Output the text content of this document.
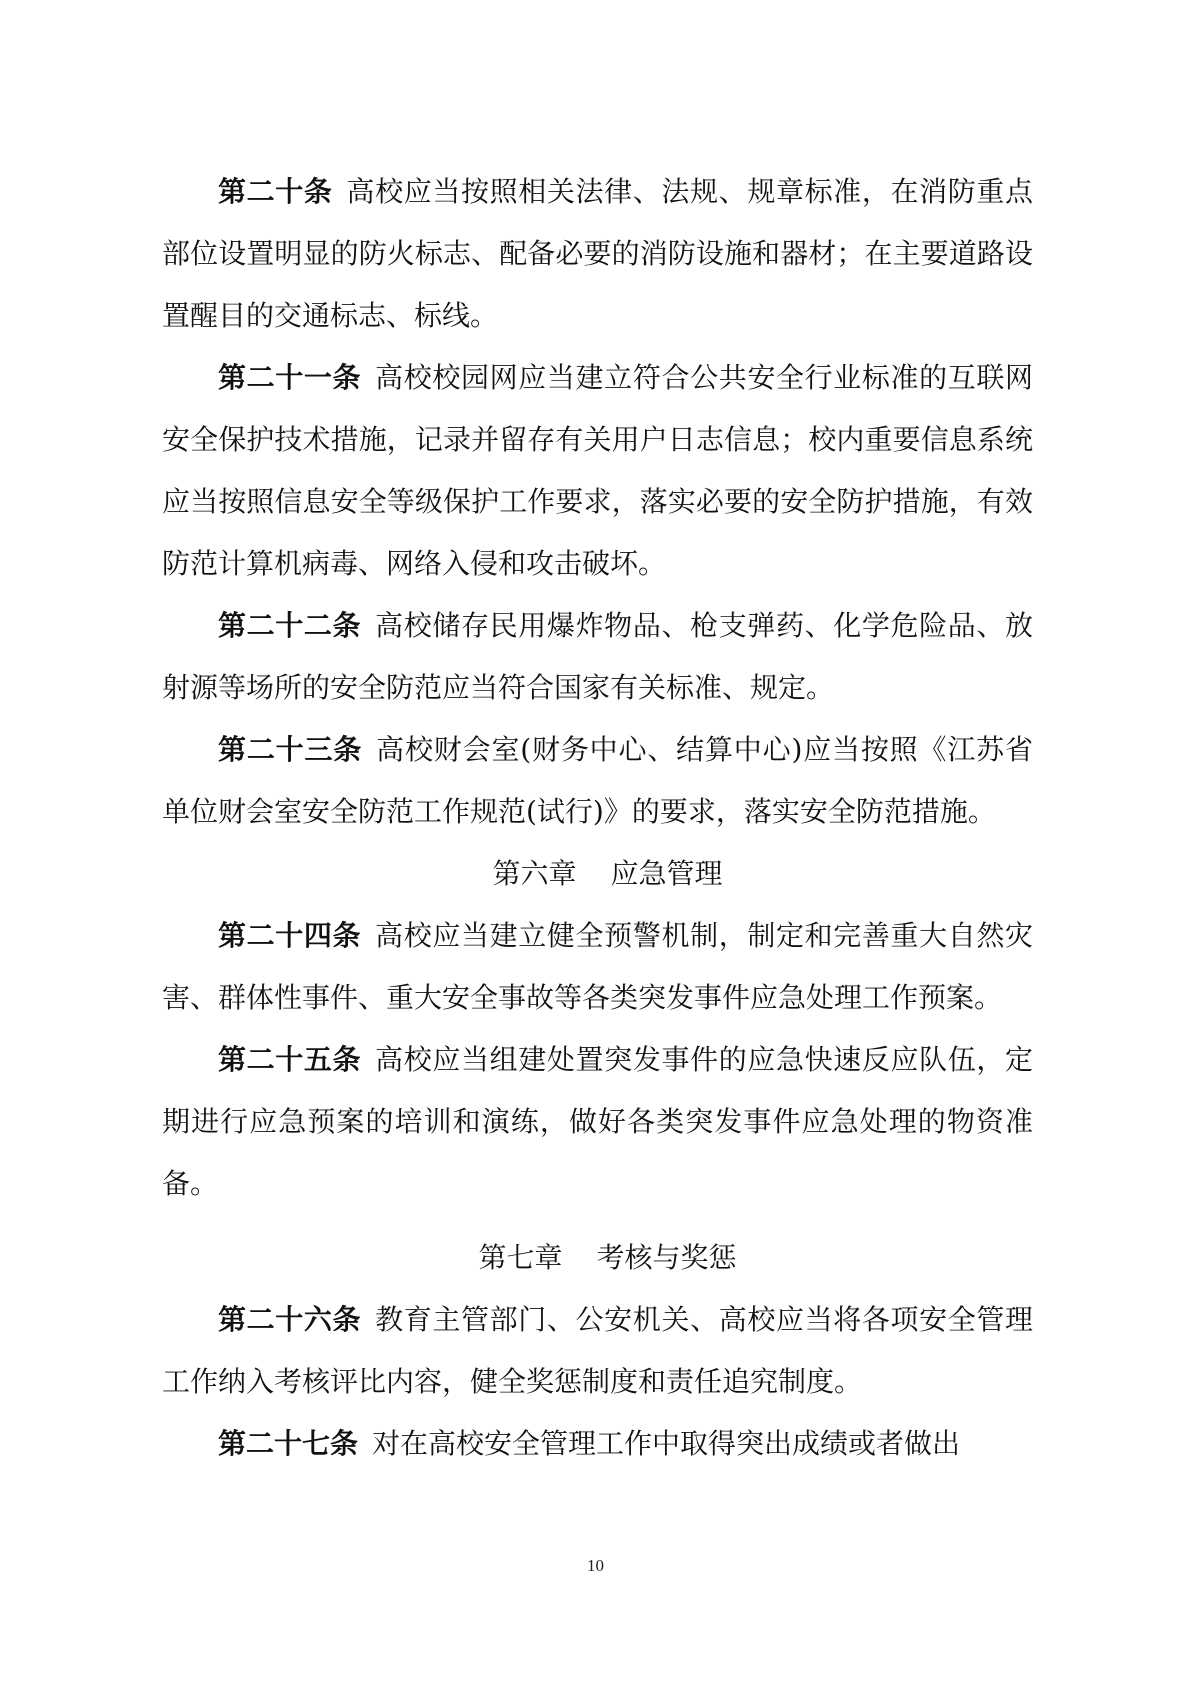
第二十条 高校应当按照相关法律、法规、规章标准，在消防重点部位设置明显的防火标志、配备必要的消防设施和器材；在主要道路设置醒目的交通标志、标线。

第二十一条 高校校园网应当建立符合公共安全行业标准的互联网安全保护技术措施，记录并留存有关用户日志信息；校内重要信息系统应当按照信息安全等级保护工作要求，落实必要的安全防护措施，有效防范计算机病毒、网络入侵和攻击破坏。

第二十二条 高校储存民用爆炸物品、枪支弹药、化学危险品、放射源等场所的安全防范应当符合国家有关标准、规定。

第二十三条 高校财会室(财务中心、结算中心)应当按照《江苏省单位财会室安全防范工作规范(试行)》的要求，落实安全防范措施。

第六章 应急管理

第二十四条 高校应当建立健全预警机制，制定和完善重大自然灾害、群体性事件、重大安全事故等各类突发事件应急处理工作预案。

第二十五条 高校应当组建处置突发事件的应急快速反应队伍，定期进行应急预案的培训和演练，做好各类突发事件应急处理的物资准备。

第七章 考核与奖惩

第二十六条 教育主管部门、公安机关、高校应当将各项安全管理工作纳入考核评比内容，健全奖惩制度和责任追究制度。

第二十七条 对在高校安全管理工作中取得突出成绩或者做出

10
